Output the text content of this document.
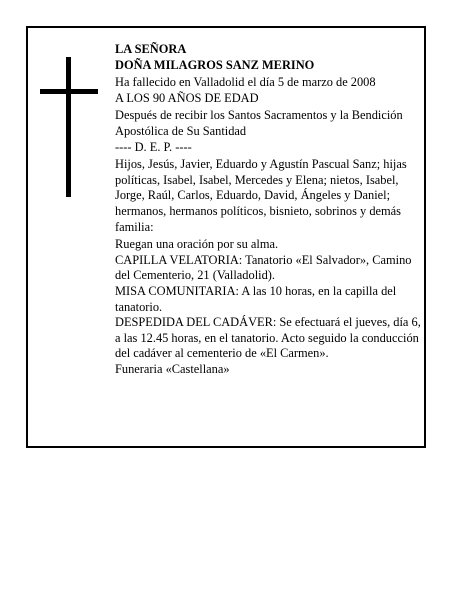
LA SEÑORA

DOÑA MILAGROS SANZ MERINO

Ha fallecido en Valladolid el día 5 de marzo de 2008

A LOS 90 AÑOS DE EDAD

Después de recibir los Santos Sacramentos y la Bendición Apostólica de Su Santidad

---- D. E. P. ----

Hijos, Jesús, Javier, Eduardo y Agustín Pascual Sanz; hijas políticas, Isabel, Isabel, Mercedes y Elena; nietos, Isabel, Jorge, Raúl, Carlos, Eduardo, David, Ángeles y Daniel; hermanos, hermanos políticos, bisnieto, sobrinos y demás familia:

Ruegan una oración por su alma.

CAPILLA VELATORIA: Tanatorio «El Salvador», Camino del Cementerio, 21 (Valladolid).

MISA COMUNITARIA: A las 10 horas, en la capilla del tanatorio.

DESPEDIDA DEL CADÁVER: Se efectuará el jueves, día 6, a las 12.45 horas, en el tanatorio. Acto seguido la conducción del cadáver al cementerio de «El Carmen».

Funeraria «Castellana»
